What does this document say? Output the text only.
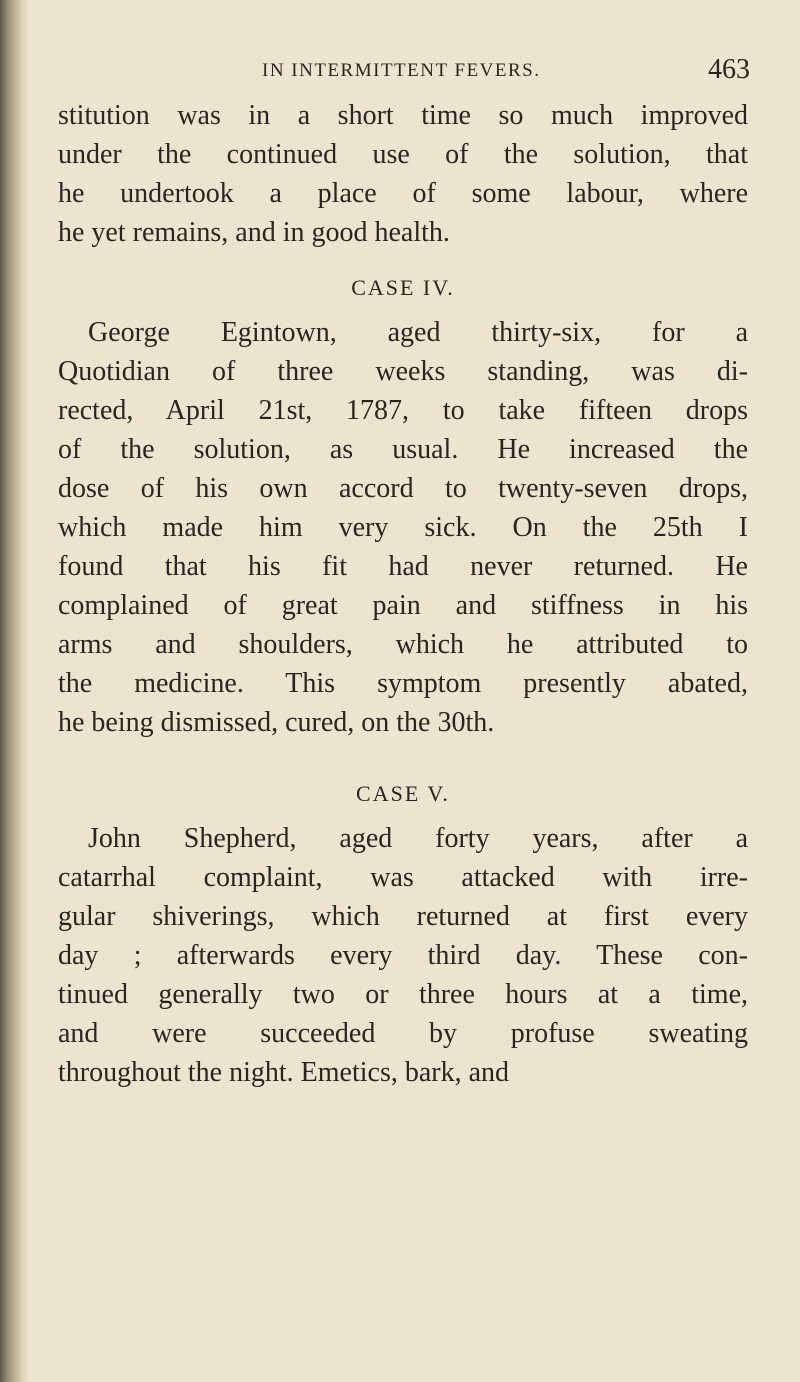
IN INTERMITTENT FEVERS.	463
stitution was in a short time so much improved
under the continued use of the solution, that
he undertook a place of some labour, where
he yet remains, and in good health.
CASE IV.
George Egintown, aged thirty-six, for a
Quotidian of three weeks standing, was di-
rected, April 21st, 1787, to take fifteen drops
of the solution, as usual. He increased the
dose of his own accord to twenty-seven drops,
which made him very sick. On the 25th I
found that his fit had never returned. He
complained of great pain and stiffness in his
arms and shoulders, which he attributed to
the medicine. This symptom presently abated,
he being dismissed, cured, on the 30th.
CASE V.
John Shepherd, aged forty years, after a
catarrhal complaint, was attacked with irre-
gular shiverings, which returned at first every
day ; afterwards every third day. These con-
tinued generally two or three hours at a time,
and were succeeded by profuse sweating
throughout the night. Emetics, bark, and
